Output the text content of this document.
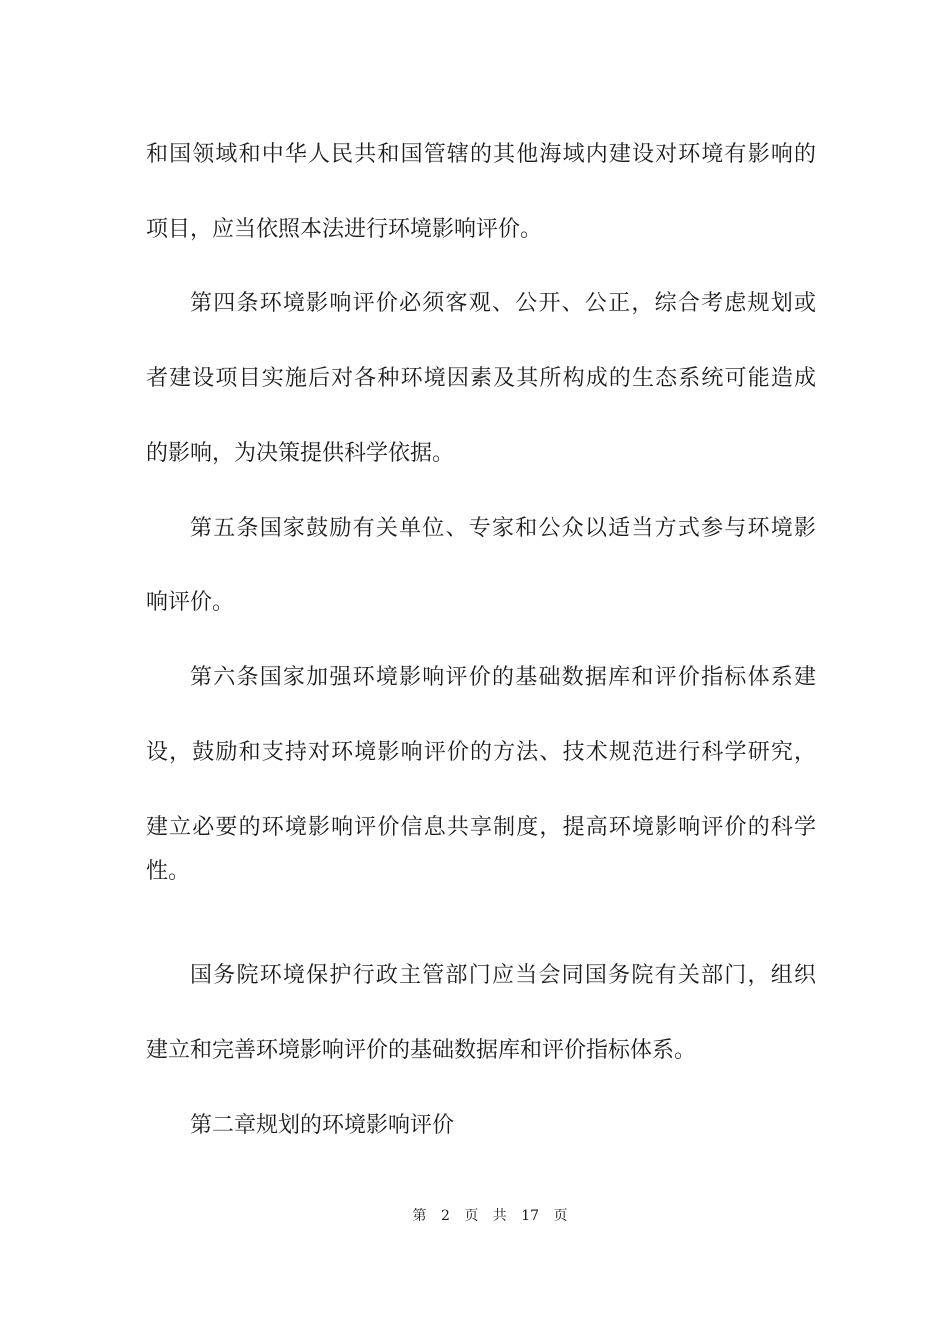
和国领域和中华人民共和国管辖的其他海域内建设对环境有影响的
项目，应当依照本法进行环境影响评价。
第四条环境影响评价必须客观、公开、公正，综合考虑规划或
者建设项目实施后对各种环境因素及其所构成的生态系统可能造成
的影响，为决策提供科学依据。
第五条国家鼓励有关单位、专家和公众以适当方式参与环境影
响评价。
第六条国家加强环境影响评价的基础数据库和评价指标体系建
设，鼓励和支持对环境影响评价的方法、技术规范进行科学研究，
建立必要的环境影响评价信息共享制度，提高环境影响评价的科学
性。
国务院环境保护行政主管部门应当会同国务院有关部门，组织
建立和完善环境影响评价的基础数据库和评价指标体系。
第二章规划的环境影响评价
第 2 页 共 17 页
